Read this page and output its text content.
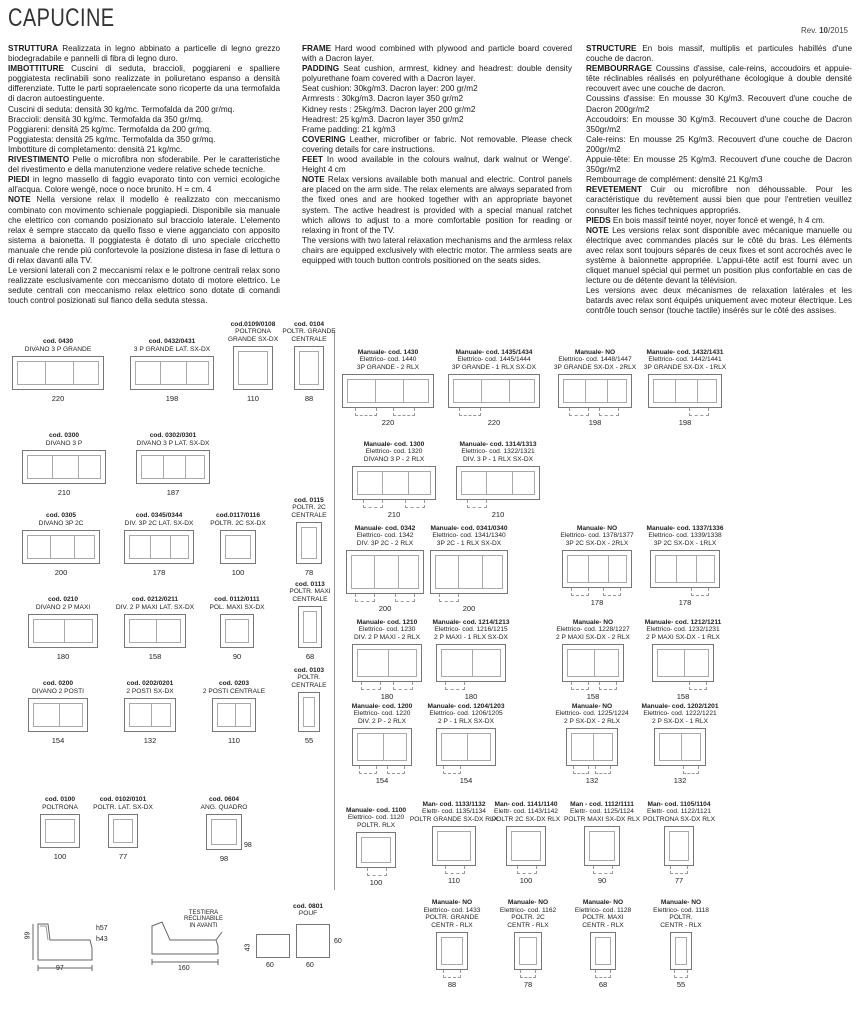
CAPUCINE	Rev. 10/2015
STRUTTURA Realizzata in legno abbinato a particelle di legno grezzo biodegradabile e pannelli di fibra di legno duro.
IMBOTTITURE Cuscini di seduta, braccioli, poggiareni e spalliere poggiatesta reclinabili sono realizzate in poliuretano espanso a densità differenziate. Tutte le parti sopraelencate sono ricoperte da una termofalda di dacron autoestinguente.
Cuscini di seduta: densità 30 kg/mc. Termofalda da 200 gr/mq.
Braccioli: densità 30 kg/mc. Termofalda da 350 gr/mq.
Poggiareni: densità 25 kg/mc. Termofalda da 200 gr/mq.
Poggiatesta: densità 25 kg/mc. Termofalda da 350 gr/mq.
Imbottiture di completamento: densità 21 kg/mc.
RIVESTIMENTO Pelle o microfibra non sfoderabile. Per le caratteristiche del rivestimento e della manutenzione vedere relative schede tecniche.
PIEDI in legno massello di faggio evaporato tinto con vernici ecologiche all'acqua. Colore wengè, noce o noce brunito. H = cm. 4
NOTE Nella versione relax il modello è realizzato con meccanismo combinato con movimento schienale poggiapiedi. Disponibile sia manuale che elettrico con comando posizionato sul bracciolo laterale. L'elemento relax è sempre staccato da quello fisso e viene agganciato con apposito sistema a baionetta. Il poggiatesta è dotato di uno speciale cricchetto manuale che rende più confortevole la posizione distesa in fase di lettura o di relax davanti alla TV.
Le versioni laterali con 2 meccanismi relax e le poltrone centrali relax sono realizzate esclusivamente con meccanismo dotato di motore elettrico. Le sedute centrali con meccanismo relax elettrico sono dotate di comandi touch control posizionati sul fianco della seduta stessa.
FRAME Hard wood combined with plywood and particle board covered with a Dacron layer.
PADDING Seat cushion, armrest, kidney and headrest: double density polyurethane foam covered with a Dacron layer.
Seat cushion: 30kg/m3. Dacron layer: 200 gr/m2
Armrests : 30kg/m3. Dacron layer 350 gr/m2
Kidney rests : 25kg/m3. Dacron layer 200 gr/m2
Headrest: 25 kg/m3. Dacron layer 350 gr/m2
Frame padding: 21 kg/m3
COVERING Leather, microfiber or fabric. Not removable. Please check covering details for care instructions.
FEET In wood available in the colours walnut, dark walnut or Wenge'. Height 4 cm
NOTE Relax versions available both manual and electric. Control panels are placed on the arm side. The relax elements are always separated from the fixed ones and are hooked together with an appropriate bayonet system. The active headrest is provided with a special manual ratchet which allows to adjust to a more comfortable position for reading or relaxing in front of the TV.
The versions with two lateral relaxation mechanisms and the armless relax chairs are equipped exclusively with electric motor. The armless seats are equipped with touch button controls positioned on the seats sides.
STRUCTURE En bois massif, multiplis et particules habillés d'une couche de dacron.
REMBOURRAGE Coussins d'assise, cale-reins, accoudoirs et appuie-tête réclinables réalisés en polyuréthane écologique à double densité recouvert avec une couche de dacron.
Coussins d'assise: En mousse 30 Kg/m3. Recouvert d'une couche de Dacron 200gr/m2
Accoudoirs: En mousse 30 Kg/m3. Recouvert d'une couche de Dacron 350gr/m2
Cale-reins: En mousse 25 Kg/m3. Recouvert d'une couche de Dacron 200gr/m2
Appuie-tête: En mousse 25 Kg/m3. Recouvert d'une couche de Dacron 350gr/m2
Rembourrage de complément: densité 21 Kg/m3
REVETEMENT Cuir ou microfibre non déhoussable. Pour les caractéristique du revêtement aussi bien que pour l'entretien veuillez consulter les fiches techniques appropriés.
PIEDS En bois massif teinté noyer, noyer foncé et wengé, h 4 cm.
NOTE Les versions relax sont disponible avec mécanique manuelle ou électrique avec commandes placés sur le côté du bras. Les éléments avec relax sont toujours séparés de ceux fixes et sont accrochés avec le système à baïonnette appropriée. L'appui-tête actif est fourni avec un cliquet manuel spécial qui permet un position plus confortable en cas de lecture ou de détente devant la télévision.
Les versions avec deux mécanismes de relaxation latérales et les batards avec relax sont équipés uniquement avec moteur électrique. Les contrôle touch sensor (touche tactile) insérés sur le côté des assises.
cod. 0430
DIVANO 3 P GRANDE
220
cod. 0432/0431
3 P GRANDE LAT. SX-DX
198
cod.0109/0108
POLTRONA
GRANDE SX-DX
110
cod. 0104
POLTR. GRANDE
CENTRALE
88
cod. 0300
DIVANO 3 P
210
cod. 0302/0301
DIVANO 3 P LAT. SX-DX
187
cod. 0305
DIVANO 3P 2C
200
cod. 0345/0344
DIV. 3P 2C LAT. SX-DX
178
cod.0117/0116
POLTR. 2C SX-DX
100
cod. 0115
POLTR. 2C
CENTRALE
78
cod. 0210
DIVANO 2 P MAXI
180
cod. 0212/0211
DIV. 2 P MAXI LAT. SX-DX
158
cod. 0112/0111
POL. MAXI SX-DX
90
cod. 0113
POLTR. MAXI
CENTRALE
68
cod. 0200
DIVANO 2 POSTI
154
cod. 0202/0201
2 POSTI SX-DX
132
cod. 0203
2 POSTI CENTRALE
110
cod. 0103
POLTR.
CENTRALE
55
cod. 0100
POLTRONA
100
cod. 0102/0101
POLTR. LAT. SX-DX
77
cod. 0604
ANG. QUADRO
98
Manuale- cod. 1430
Elettrico- cod. 1440
3P GRANDE - 2 RLX
220
Manuale- cod. 1435/1434
Elettrico- cod. 1445/1444
3P GRANDE - 1 RLX SX-DX
220
Manuale- NO
Elettrico- cod. 1448/1447
3P GRANDE SX-DX - 2RLX
198
Manuale- cod. 1432/1431
Elettrico- cod. 1442/1441
3P GRANDE SX-DX - 1RLX
198
Manuale- cod. 1300
Elettrico- cod. 1320
DIVANO 3 P - 2 RLX
210
Manuale- cod. 1314/1313
Elettrico- cod. 1322/1321
DIV. 3 P - 1 RLX SX-DX
210
Manuale- cod. 0342
Elettrico- cod. 1342
DIV. 3P 2C - 2 RLX
200
Manuale- cod. 0341/0340
Elettrico- cod. 1341/1340
3P 2C - 1 RLX SX-DX
200
Manuale- NO
Elettrico- cod. 1378/1377
3P 2C SX-DX - 2RLX
178
Manuale- cod. 1337/1336
Elettrico- cod. 1339/1338
3P 2C SX-DX - 1RLX
178
Manuale- cod. 1210
Elettrico- cod. 1230
DIV. 2 P MAXI - 2 RLX
180
Manuale- cod. 1214/1213
Elettrico- cod. 1216/1215
2 P MAXI - 1 RLX SX-DX
180
Manuale- NO
Elettrico- cod. 1228/1227
2 P MAXI SX-DX - 2 RLX
158
Manuale- cod. 1212/1211
Elettrico- cod. 1232/1231
2 P MAXI SX-DX - 1 RLX
158
Manuale- cod. 1200
Elettrico- cod. 1220
DIV. 2 P - 2 RLX
154
Manuale- cod. 1204/1203
Elettrico- cod. 1206/1205
2 P - 1 RLX SX-DX
154
Manuale- NO
Elettrico- cod. 1225/1224
2 P SX-DX - 2 RLX
132
Manuale- cod. 1202/1201
Elettrico- cod. 1222/1221
2 P SX-DX - 1 RLX
132
Manuale- cod. 1100
Elettrico- cod. 1120
POLTR. RLX
100
Man- cod. 1133/1132
Elettr- cod. 1135/1134
POLTR GRANDE SX-DX RLX
110
Man- cod. 1141/1140
Elettr- cod. 1143/1142
POLTR 2C SX-DX RLX
100
Man - cod. 1112/1111
Elettr- cod. 1125/1124
POLTR MAXI SX-DX RLX
90
Man- cod. 1105/1104
Elettr- cod. 1122/1121
POLTRONA SX-DX RLX
77
Manuale- NO
Elettrico- cod. 1433
POLTR. GRANDE
CENTR - RLX
88
Manuale- NO
Elettrico- cod. 1162
POLTR. 2C
CENTR - RLX
78
Manuale- NO
Elettrico- cod. 1128
POLTR. MAXI
CENTR - RLX
68
Manuale- NO
Elettrico- cod. 1118
POLTR.
CENTR - RLX
55
98
99
h57
h43
97
TESTIERA
RECLINABILE
IN AVANTI
160
cod. 0801
POUF
43
60	60
60
